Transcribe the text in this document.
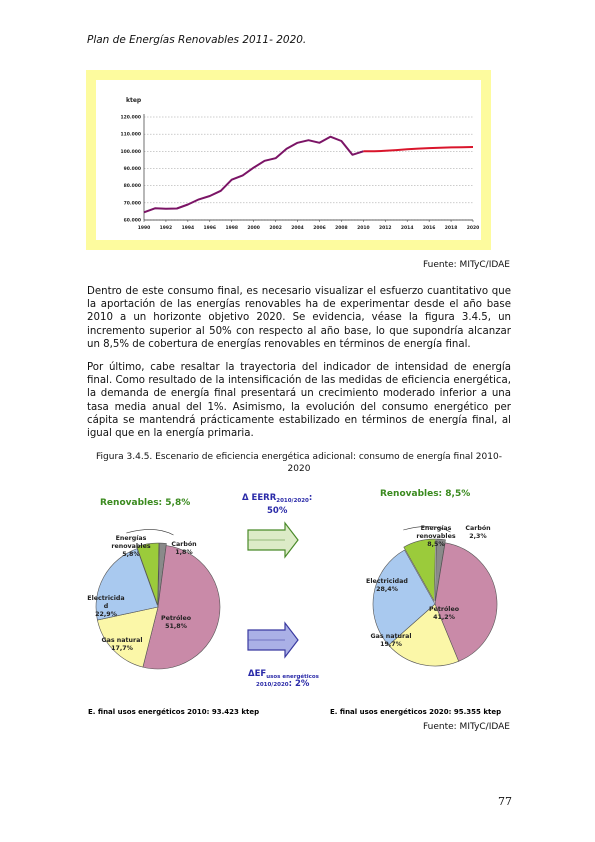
Plan de Energías Renovables 2011- 2020.
ktep
60.000
70.000
80.000
90.000
100.000
110.000
120.000
1990 1992 1994 1996 1998 2000 2002 2004 2006 2008 2010 2012 2014 2016 2018 2020
Fuente: MITyC/IDAE
Dentro de este consumo final, es necesario visualizar el esfuerzo cuantitativo que la aportación de las energías renovables ha de experimentar desde el año base 2010 a un horizonte objetivo 2020. Se evidencia, véase la figura 3.4.5, un incremento superior al 50% con respecto al año base, lo que supondría alcanzar un 8,5% de cobertura de energías renovables en términos de energía final.
Por último, cabe resaltar la trayectoria del indicador de intensidad de energía final. Como resultado de la intensificación de las medidas de eficiencia energética, la demanda de energía final presentará un crecimiento moderado inferior a una tasa media anual del 1%. Asimismo, la evolución del consumo energético per cápita se mantendrá prácticamente estabilizado en términos de energía final, al igual que en la energía primaria.
Figura 3.4.5. Escenario de eficiencia energética adicional: consumo de energía final 2010-
2020
Energías renovables 5,8%
Carbón 1,8%
Petróleo 51,8%
Gas natural 17,7%
Electricida d 22,9%
Energías renovables 8,5%
Carbón 2,3%
Petróleo 41,2%
Gas natural 19,7%
Electricidad 28,4%
Renovables: 5,8%
Renovables: 8,5%
Δ $EERR_{2010/2020}$:
50%
$\Delta EF_{usos energéticos}$
2010/2020: 2%
E. final usos energéticos 2010: 93.423 ktep	E. final usos energéticos 2020: 95.355 ktep
Fuente: MITyC/IDAE
77
